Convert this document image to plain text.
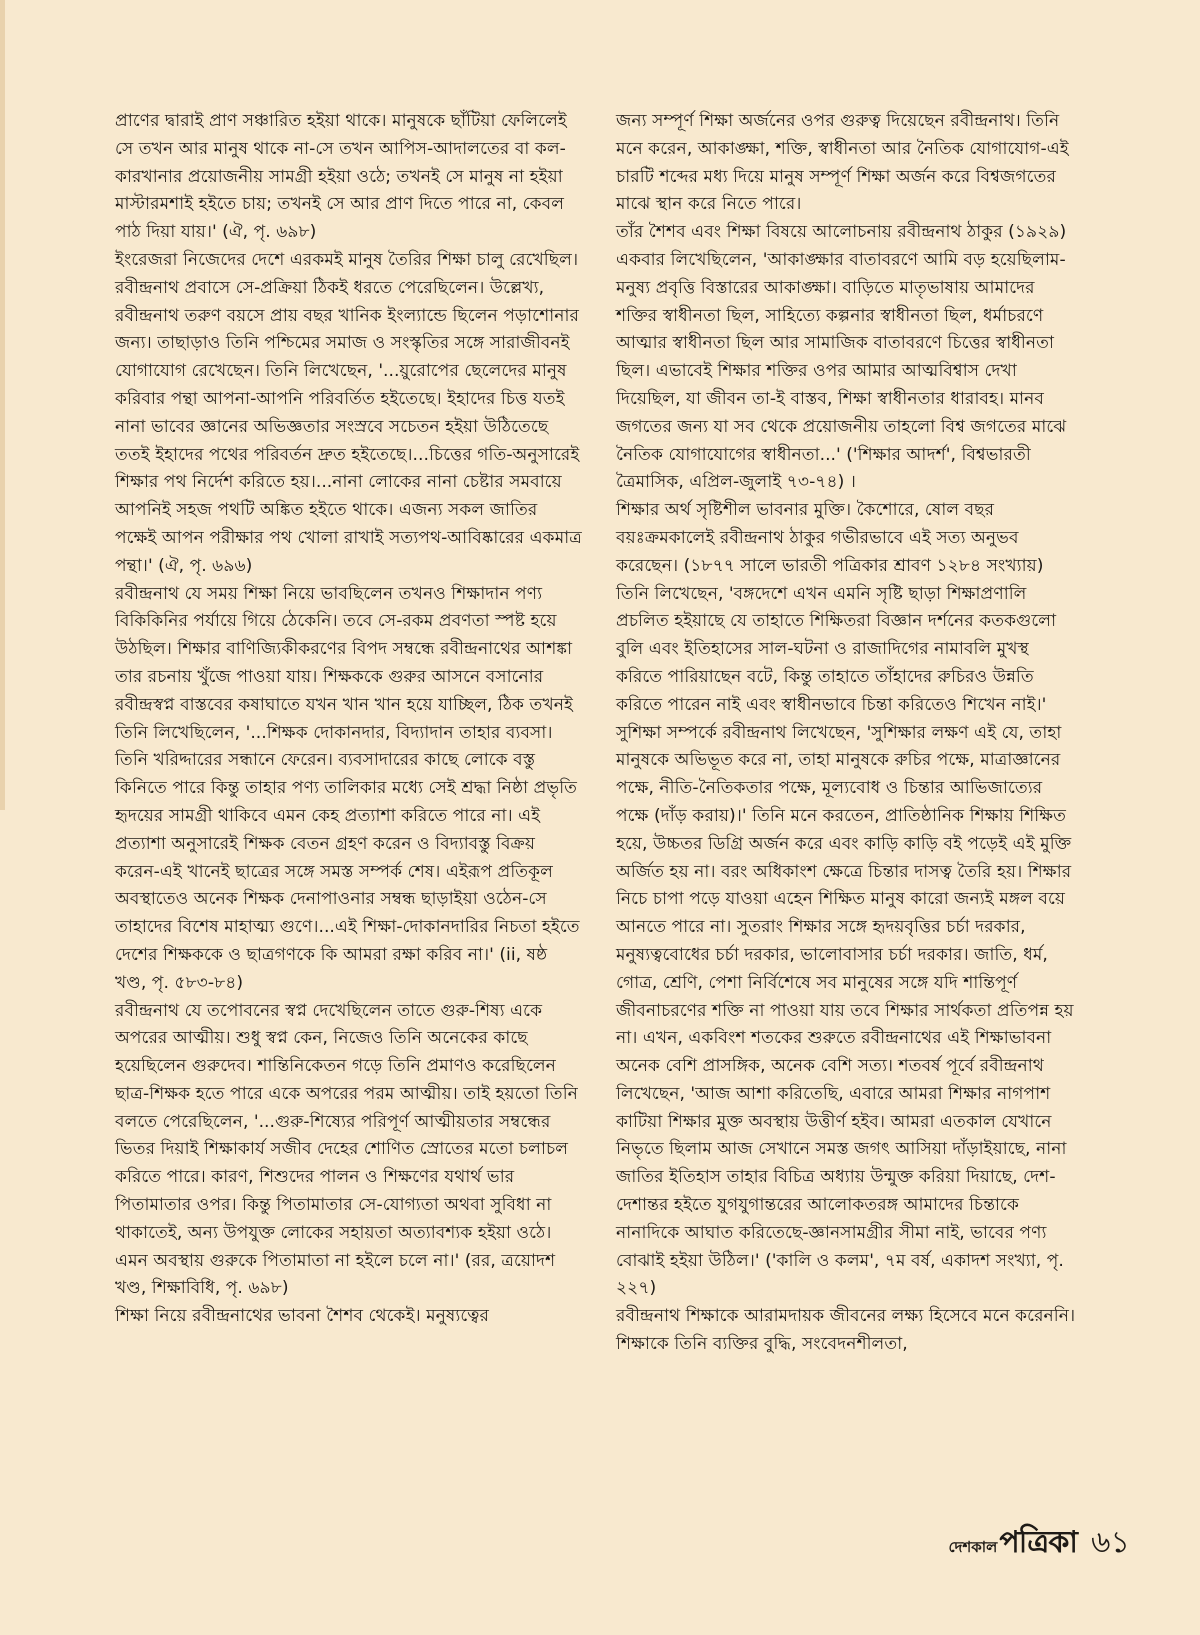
প্রাণের দ্বারাই প্রাণ সঞ্চারিত হইয়া থাকে। মানুষকে ছাঁটিয়া ফেলিলেই সে তখন আর মানুষ থাকে না-সে তখন আপিস-আদালতের বা কল-কারখানার প্রয়োজনীয় সামগ্রী হইয়া ওঠে; তখনই সে মানুষ না হইয়া মাস্টারমশাই হইতে চায়; তখনই সে আর প্রাণ দিতে পারে না, কেবল পাঠ দিয়া যায়।' (ঐ, পৃ. ৬৯৮)

ইংরেজরা নিজেদের দেশে এরকমই মানুষ তৈরির শিক্ষা চালু রেখেছিল। রবীন্দ্রনাথ প্রবাসে সে-প্রক্রিয়া ঠিকই ধরতে পেরেছিলেন। উল্লেখ্য, রবীন্দ্রনাথ তরুণ বয়সে প্রায় বছর খানিক ইংল্যান্ডে ছিলেন পড়াশোনার জন্য। তাছাড়াও তিনি পশ্চিমের সমাজ ও সংস্কৃতির সঙ্গে সারাজীবনই যোগাযোগ রেখেছেন। তিনি লিখেছেন, '...য়ুরোপের ছেলেদের মানুষ করিবার পন্থা আপনা-আপনি পরিবর্তিত হইতেছে। ইহাদের চিত্ত যতই নানা ভাবের জ্ঞানের অভিজ্ঞতার সংস্রবে সচেতন হইয়া উঠিতেছে ততই ইহাদের পথের পরিবর্তন দ্রুত হইতেছে।...চিত্তের গতি-অনুসারেই শিক্ষার পথ নির্দেশ করিতে হয়।...নানা লোকের নানা চেষ্টার সমবায়ে আপনিই সহজ পথটি অঙ্কিত হইতে থাকে। এজন্য সকল জাতির পক্ষেই আপন পরীক্ষার পথ খোলা রাখাই সত্যপথ-আবিষ্কারের একমাত্র পন্থা।' (ঐ, পৃ. ৬৯৬)

রবীন্দ্রনাথ যে সময় শিক্ষা নিয়ে ভাবছিলেন তখনও শিক্ষাদান পণ্য বিকিকিনির পর্যায়ে গিয়ে ঠেকেনি। তবে সে-রকম প্রবণতা স্পষ্ট হয়ে উঠছিল। শিক্ষার বাণিজ্যিকীকরণের বিপদ সম্বন্ধে রবীন্দ্রনাথের আশঙ্কা তার রচনায় খুঁজে পাওয়া যায়। শিক্ষককে গুরুর আসনে বসানোর রবীন্দ্রস্বপ্ন বাস্তবের কষাঘাতে যখন খান খান হয়ে যাচ্ছিল, ঠিক তখনই তিনি লিখেছিলেন, '...শিক্ষক দোকানদার, বিদ্যাদান তাহার ব্যবসা। তিনি খরিদ্দারের সন্ধানে ফেরেন। ব্যবসাদারের কাছে লোকে বস্তু কিনিতে পারে কিন্তু তাহার পণ্য তালিকার মধ্যে সেই শ্রদ্ধা নিষ্ঠা প্রভৃতি হৃদয়ের সামগ্রী থাকিবে এমন কেহ প্রত্যাশা করিতে পারে না। এই প্রত্যাশা অনুসারেই শিক্ষক বেতন গ্রহণ করেন ও বিদ্যাবস্তু বিক্রয় করেন-এই খানেই ছাত্রের সঙ্গে সমস্ত সম্পর্ক শেষ। এইরূপ প্রতিকূল অবস্থাতেও অনেক শিক্ষক দেনাপাওনার সম্বন্ধ ছাড়াইয়া ওঠেন-সে তাহাদের বিশেষ মাহাত্ম্য গুণে।...এই শিক্ষা-দোকানদারির নিচতা হইতে দেশের শিক্ষককে ও ছাত্রগণকে কি আমরা রক্ষা করিব না।' (ii, ষষ্ঠ খণ্ড, পৃ. ৫৮৩-৮৪)

রবীন্দ্রনাথ যে তপোবনের স্বপ্ন দেখেছিলেন তাতে গুরু-শিষ্য একে অপরের আত্মীয়। শুধু স্বপ্ন কেন, নিজেও তিনি অনেকের কাছে হয়েছিলেন গুরুদেব। শান্তিনিকেতন গড়ে তিনি প্রমাণও করেছিলেন ছাত্র-শিক্ষক হতে পারে একে অপরের পরম আত্মীয়। তাই হয়তো তিনি বলতে পেরেছিলেন, '...গুরু-শিষ্যের পরিপূর্ণ আত্মীয়তার সম্বন্ধের ভিতর দিয়াই শিক্ষাকার্য সজীব দেহের শোণিত স্রোতের মতো চলাচল করিতে পারে। কারণ, শিশুদের পালন ও শিক্ষণের যথার্থ ভার পিতামাতার ওপর। কিন্তু পিতামাতার সে-যোগ্যতা অথবা সুবিধা না থাকাতেই, অন্য উপযুক্ত লোকের সহায়তা অত্যাবশ্যক হইয়া ওঠে। এমন অবস্থায় গুরুকে পিতামাতা না হইলে চলে না।' (রর, ত্রয়োদশ খণ্ড, শিক্ষাবিধি, পৃ. ৬৯৮)

শিক্ষা নিয়ে রবীন্দ্রনাথের ভাবনা শৈশব থেকেই। মনুষ্যত্বের

জন্য সম্পূর্ণ শিক্ষা অর্জনের ওপর গুরুত্ব দিয়েছেন রবীন্দ্রনাথ। তিনি মনে করেন, আকাঙ্ক্ষা, শক্তি, স্বাধীনতা আর নৈতিক যোগাযোগ-এই চারটি শব্দের মধ্য দিয়ে মানুষ সম্পূর্ণ শিক্ষা অর্জন করে বিশ্বজগতের মাঝে স্থান করে নিতে পারে।

তাঁর শৈশব এবং শিক্ষা বিষয়ে আলোচনায় রবীন্দ্রনাথ ঠাকুর (১৯২৯) একবার লিখেছিলেন, 'আকাঙ্ক্ষার বাতাবরণে আমি বড় হয়েছিলাম- মনুষ্য প্রবৃত্তি বিস্তারের আকাঙ্ক্ষা। বাড়িতে মাতৃভাষায় আমাদের শক্তির স্বাধীনতা ছিল, সাহিত্যে কল্পনার স্বাধীনতা ছিল, ধর্মাচরণে আত্মার স্বাধীনতা ছিল আর সামাজিক বাতাবরণে চিত্তের স্বাধীনতা ছিল। এভাবেই শিক্ষার শক্তির ওপর আমার আত্মবিশ্বাস দেখা দিয়েছিল, যা জীবন তা-ই বাস্তব, শিক্ষা স্বাধীনতার ধারাবহ। মানব জগতের জন্য যা সব থেকে প্রয়োজনীয় তাহলো বিশ্ব জগতের মাঝে নৈতিক যোগাযোগের স্বাধীনতা...' ('শিক্ষার আদর্শ', বিশ্বভারতী ত্রৈমাসিক, এপ্রিল-জুলাই ৭৩-৭৪) ।

শিক্ষার অর্থ সৃষ্টিশীল ভাবনার মুক্তি। কৈশোরে, ষোল বছর বয়ঃক্রমকালেই রবীন্দ্রনাথ ঠাকুর গভীরভাবে এই সত্য অনুভব করেছেন। (১৮৭৭ সালে ভারতী পত্রিকার শ্রাবণ ১২৮৪ সংখ্যায়) তিনি লিখেছেন, 'বঙ্গদেশে এখন এমনি সৃষ্টি ছাড়া শিক্ষাপ্রণালি প্রচলিত হইয়াছে যে তাহাতে শিক্ষিতরা বিজ্ঞান দর্শনের কতকগুলো বুলি এবং ইতিহাসের সাল-ঘটনা ও রাজাদিগের নামাবলি মুখস্থ করিতে পারিয়াছেন বটে, কিন্তু তাহাতে তাঁহাদের রুচিরও উন্নতি করিতে পারেন নাই এবং স্বাধীনভাবে চিন্তা করিতেও শিখেন নাই।'

সুশিক্ষা সম্পর্কে রবীন্দ্রনাথ লিখেছেন, 'সুশিক্ষার লক্ষণ এই যে, তাহা মানুষকে অভিভূত করে না, তাহা মানুষকে রুচির পক্ষে, মাত্রাজ্ঞানের পক্ষে, নীতি-নৈতিকতার পক্ষে, মূল্যবোধ ও চিন্তার আভিজাত্যের পক্ষে (দাঁড় করায়)।' তিনি মনে করতেন, প্রাতিষ্ঠানিক শিক্ষায় শিক্ষিত হয়ে, উচ্চতর ডিগ্রি অর্জন করে এবং কাড়ি কাড়ি বই পড়েই এই মুক্তি অর্জিত হয় না। বরং অধিকাংশ ক্ষেত্রে চিন্তার দাসত্ব তৈরি হয়। শিক্ষার নিচে চাপা পড়ে যাওয়া এহেন শিক্ষিত মানুষ কারো জন্যই মঙ্গল বয়ে আনতে পারে না। সুতরাং শিক্ষার সঙ্গে হৃদয়বৃত্তির চর্চা দরকার, মনুষ্যত্ববোধের চর্চা দরকার, ভালোবাসার চর্চা দরকার। জাতি, ধর্ম, গোত্র, শ্রেণি, পেশা নির্বিশেষে সব মানুষের সঙ্গে যদি শান্তিপূর্ণ জীবনাচরণের শক্তি না পাওয়া যায় তবে শিক্ষার সার্থকতা প্রতিপন্ন হয় না। এখন, একবিংশ শতকের শুরুতে রবীন্দ্রনাথের এই শিক্ষাভাবনা অনেক বেশি প্রাসঙ্গিক, অনেক বেশি সত্য। শতবর্ষ পূর্বে রবীন্দ্রনাথ লিখেছেন, 'আজ আশা করিতেছি, এবারে আমরা শিক্ষার নাগপাশ কাটিয়া শিক্ষার মুক্ত অবস্থায় উত্তীর্ণ হইব। আমরা এতকাল যেখানে নিভৃতে ছিলাম আজ সেখানে সমস্ত জগৎ আসিয়া দাঁড়াইয়াছে, নানা জাতির ইতিহাস তাহার বিচিত্র অধ্যায় উন্মুক্ত করিয়া দিয়াছে, দেশ-দেশান্তর হইতে যুগযুগান্তরের আলোকতরঙ্গ আমাদের চিন্তাকে নানাদিকে আঘাত করিতেছে-জ্ঞানসামগ্রীর সীমা নাই, ভাবের পণ্য বোঝাই হইয়া উঠিল।' ('কালি ও কলম', ৭ম বর্ষ, একাদশ সংখ্যা, পৃ. ২২৭)

রবীন্দ্রনাথ শিক্ষাকে আরামদায়ক জীবনের লক্ষ্য হিসেবে মনে করেননি। শিক্ষাকে তিনি ব্যক্তির বুদ্ধি, সংবেদনশীলতা,

দেশকাল পত্রিকা ৬১
